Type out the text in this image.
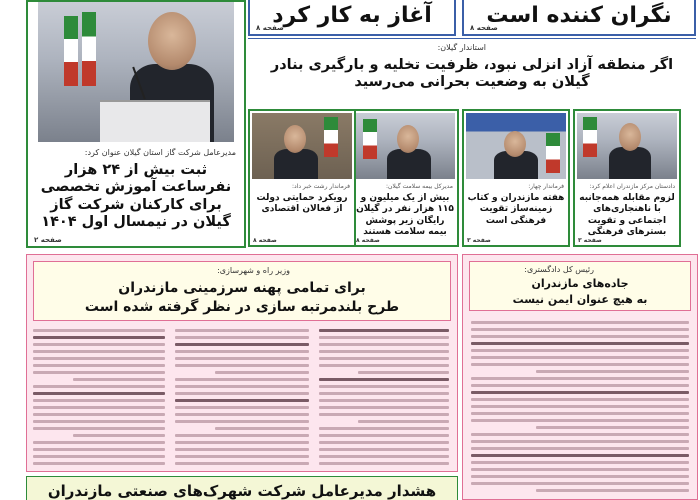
آغاز به کار کرد
صفحه ۸	نگران کننده است
صفحه ۸
مدیرعامل شرکت گاز استان گیلان عنوان کرد:
ثبت بیش از ۲۴ هزار نفرساعت آموزش تخصصی برای کارکنان شرکت گاز گیلان در نیمسال اول ۱۴۰۴
صفحه ۲
استاندار گیلان:
اگر منطقه آزاد انزلی نبود، ظرفیت تخلیه و بارگیری بنادر گیلان به وضعیت بحرانی می‌رسید
دادستان مرکز مازندران اعلام کرد:
لزوم مقابله همه‌جانبه با ناهنجاری‌های اجتماعی و تقویت بسترهای فرهنگی
صفحه ۳
فرماندار چهار:
هفته مازندران و کتاب زمینه‌ساز تقویت فرهنگی است
صفحه ۳
مدیرکل بیمه سلامت گیلان:
بیش از یک میلیون و ۱۱۵ هزار نفر در گیلان رایگان زیر پوشش بیمه سلامت هستند
صفحه ۸
فرماندار رشت خبر داد:
رویکرد حمایتی دولت از فعالان اقتصادی
صفحه ۸
وزیر راه و شهرسازی:
برای تمامی پهنه سرزمینی مازندران
طرح بلندمرتبه سازی در نظر گرفته شده است
رئیس کل دادگستری:
جاده‌های مازندران
به هیچ عنوان ایمن نیست
هشدار مدیرعامل شرکت شهرک‌های صنعتی مازندران
